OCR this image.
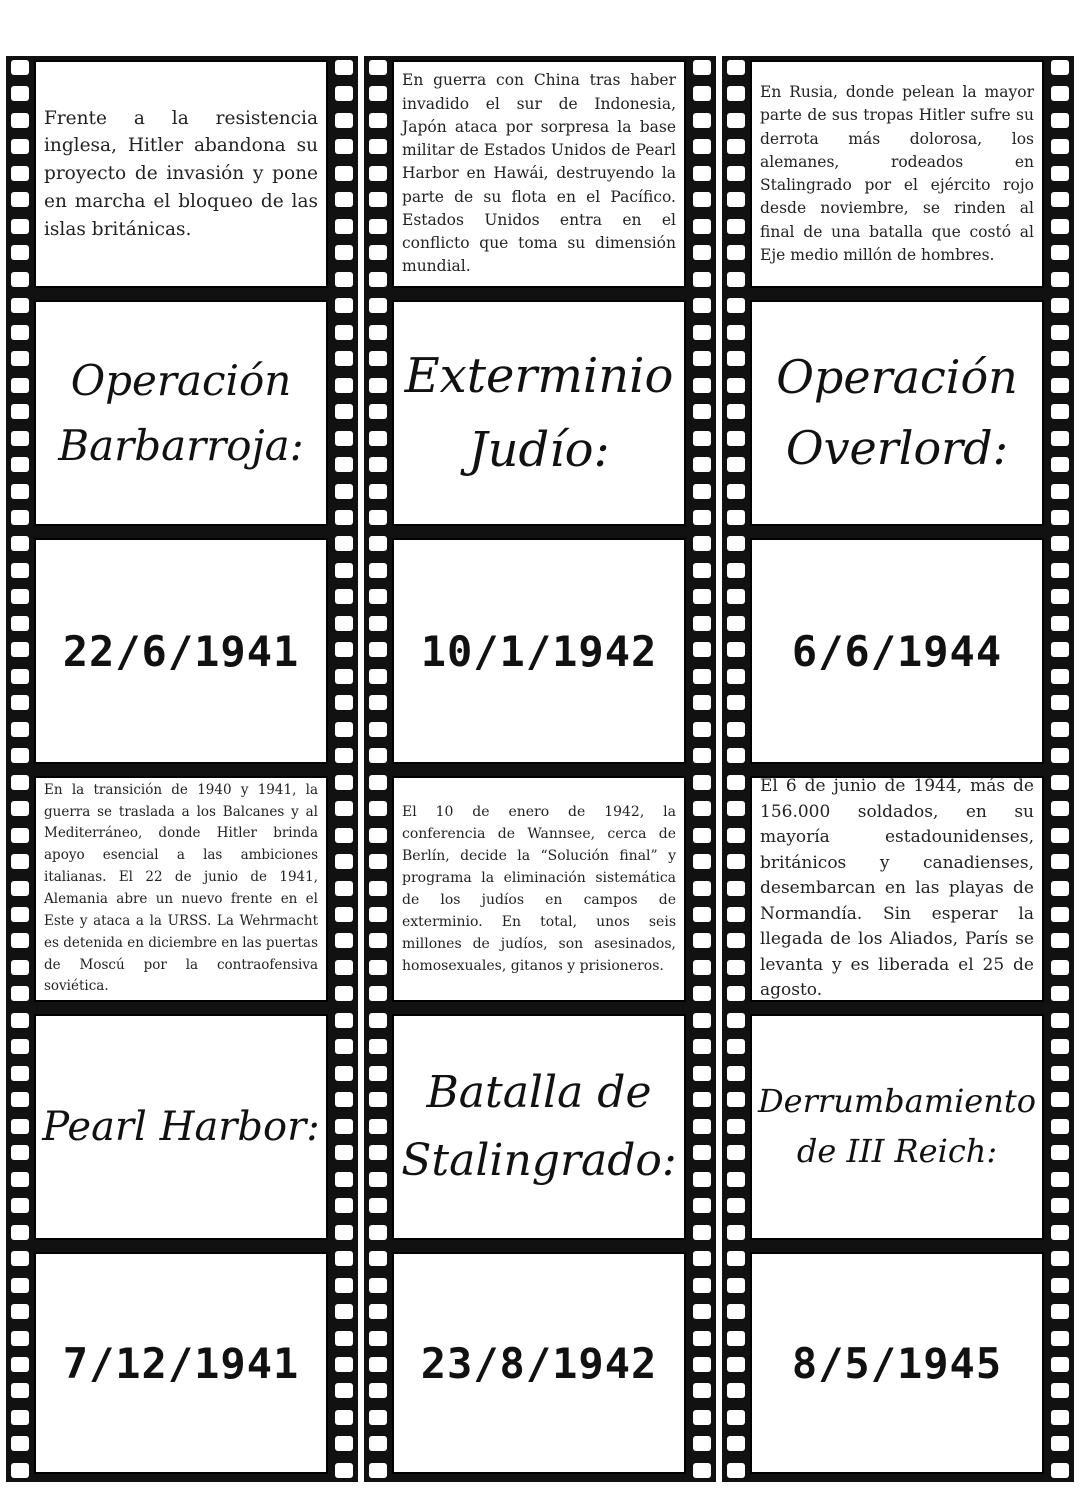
Frente a la resistencia inglesa, Hitler abandona su proyecto de invasión y pone en marcha el bloqueo de las islas británicas.
Operación
Barbarroja:
22/6/1941
En la transición de 1940 y 1941, la guerra se traslada a los Balcanes y al Mediterráneo, donde Hitler brinda apoyo esencial a las ambiciones italianas. El 22 de junio de 1941, Alemania abre un nuevo frente en el Este y ataca a la URSS. La Wehrmacht es detenida en diciembre en las puertas de Moscú por la contraofensiva soviética.
Pearl Harbor:
7/12/1941
En guerra con China tras haber invadido el sur de Indonesia, Japón ataca por sorpresa la base militar de Estados Unidos de Pearl Harbor en Hawái, destruyendo la parte de su flota en el Pacífico. Estados Unidos entra en el conflicto que toma su dimensión mundial.
Exterminio
Judío:
10/1/1942
El 10 de enero de 1942, la conferencia de Wannsee, cerca de Berlín, decide la “Solución final” y programa la eliminación sistemática de los judíos en campos de exterminio. En total, unos seis millones de judíos, son asesinados, homosexuales, gitanos y prisioneros.
Batalla de
Stalingrado:
23/8/1942
En Rusia, donde pelean la mayor parte de sus tropas Hitler sufre su derrota más dolorosa, los alemanes, rodeados en Stalingrado por el ejército rojo desde noviembre, se rinden al final de una batalla que costó al Eje medio millón de hombres.
Operación
Overlord:
6/6/1944
El 6 de junio de 1944, más de 156.000 soldados, en su mayoría estadounidenses, británicos y canadienses, desembarcan en las playas de Normandía. Sin esperar la llegada de los Aliados, París se levanta y es liberada el 25 de agosto.
Derrumbamiento
de III Reich:
8/5/1945
